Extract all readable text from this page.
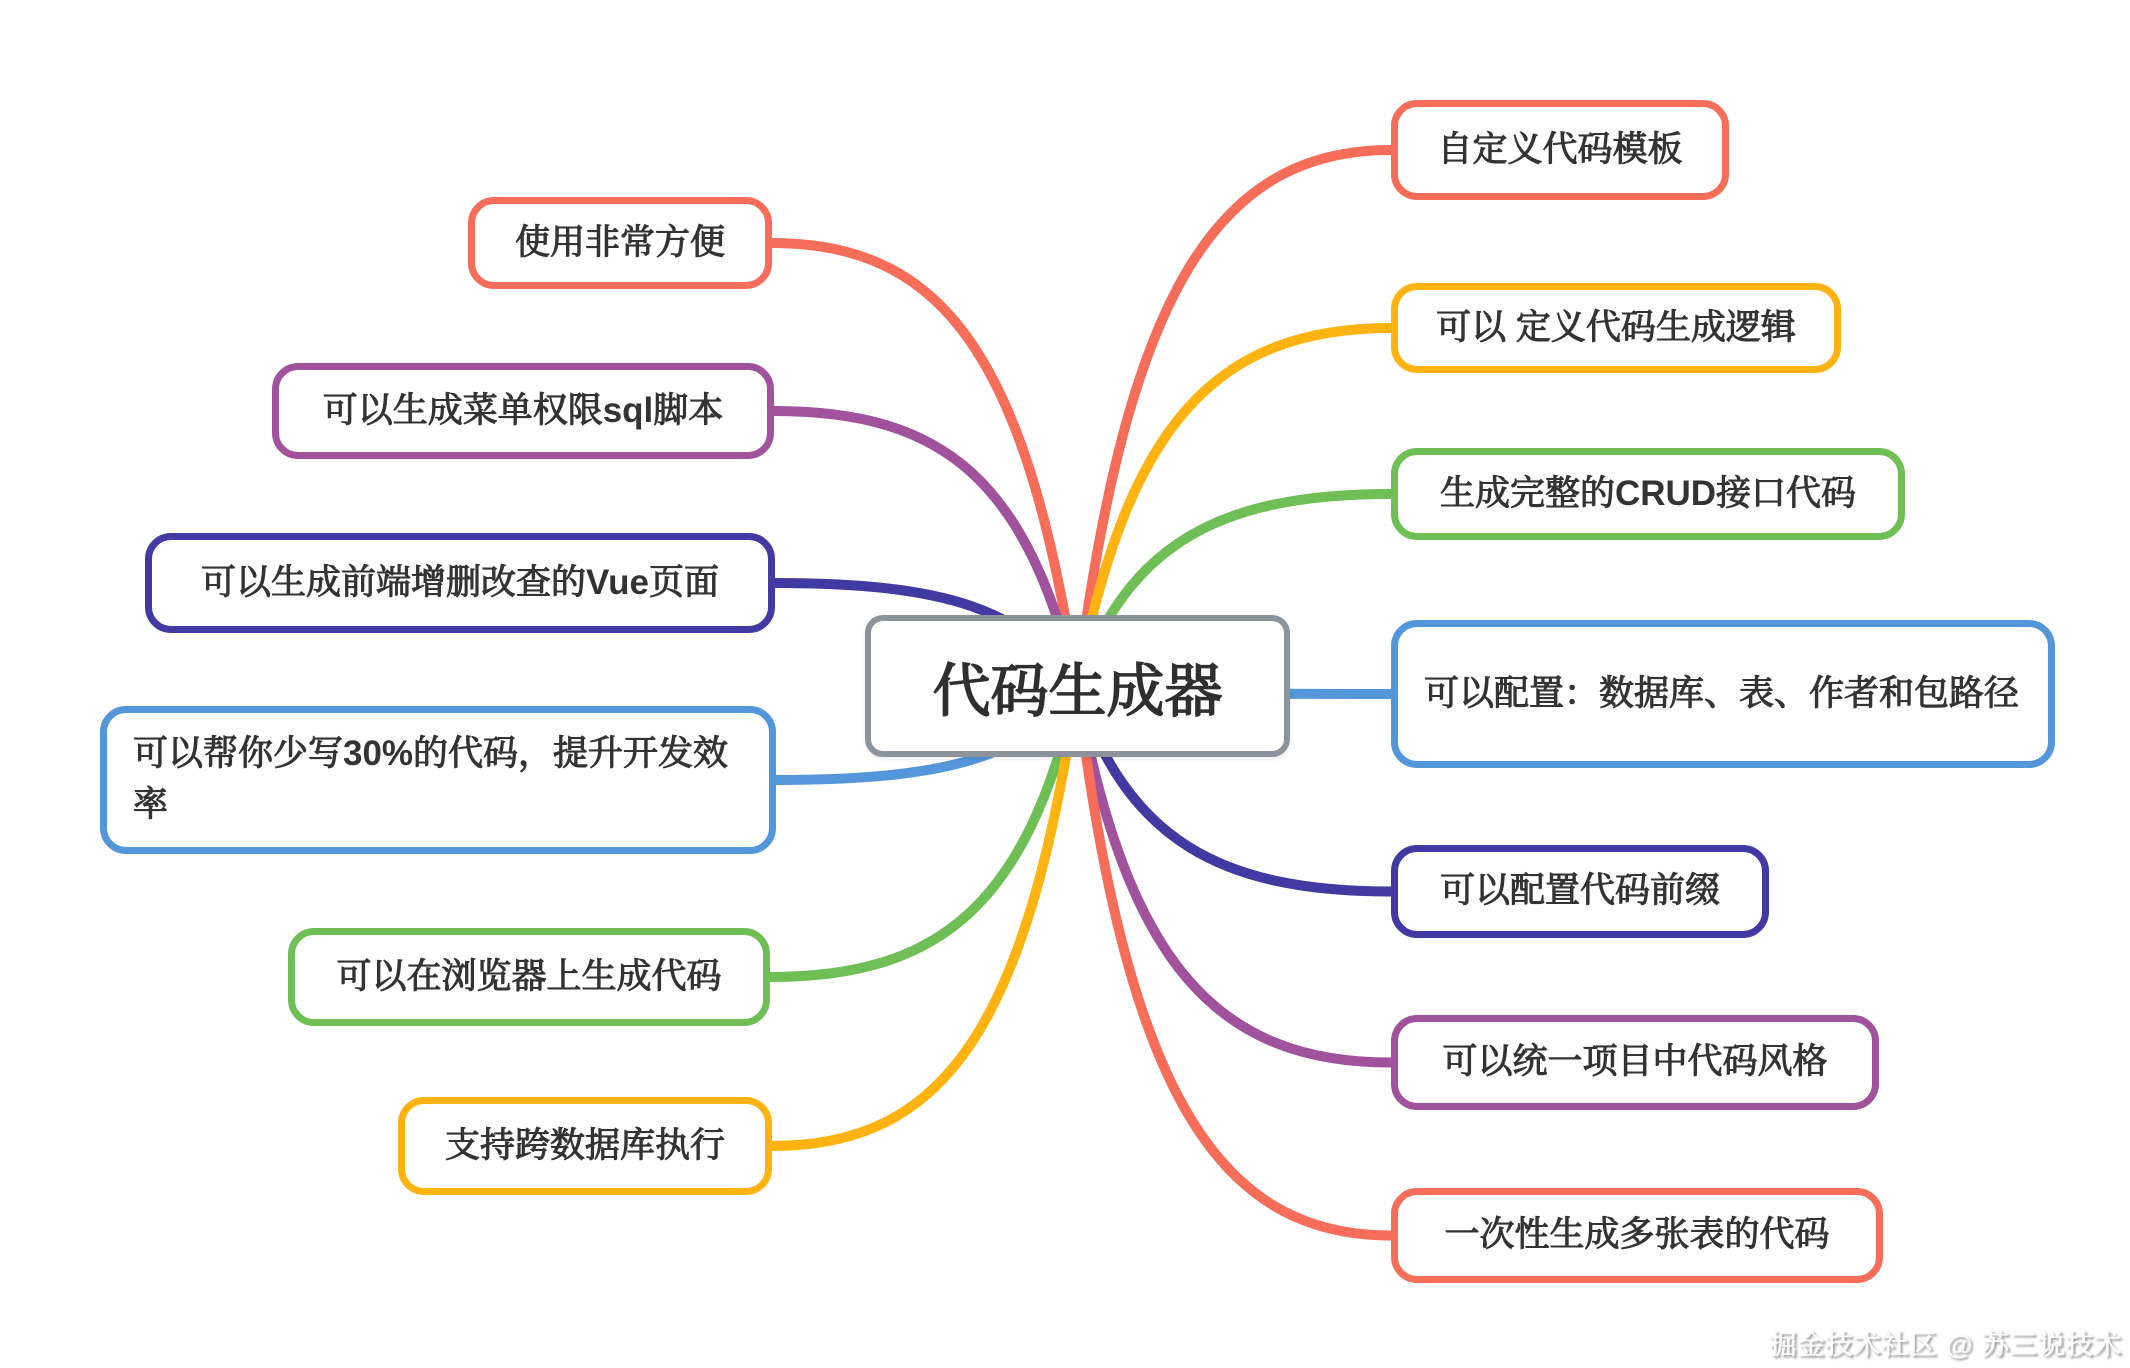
代码生成器
掘金技术社区 @ 苏三说技术
使用非常方便
可以生成菜单权限sql脚本
可以生成前端增删改查的Vue页面
可以帮你少写30%的代码，提升开发效率
可以在浏览器上生成代码
支持跨数据库执行
自定义代码模板
可以 定义代码生成逻辑
生成完整的CRUD接口代码
可以配置：数据库、表、作者和包路径
可以配置代码前缀
可以统一项目中代码风格
一次性生成多张表的代码
